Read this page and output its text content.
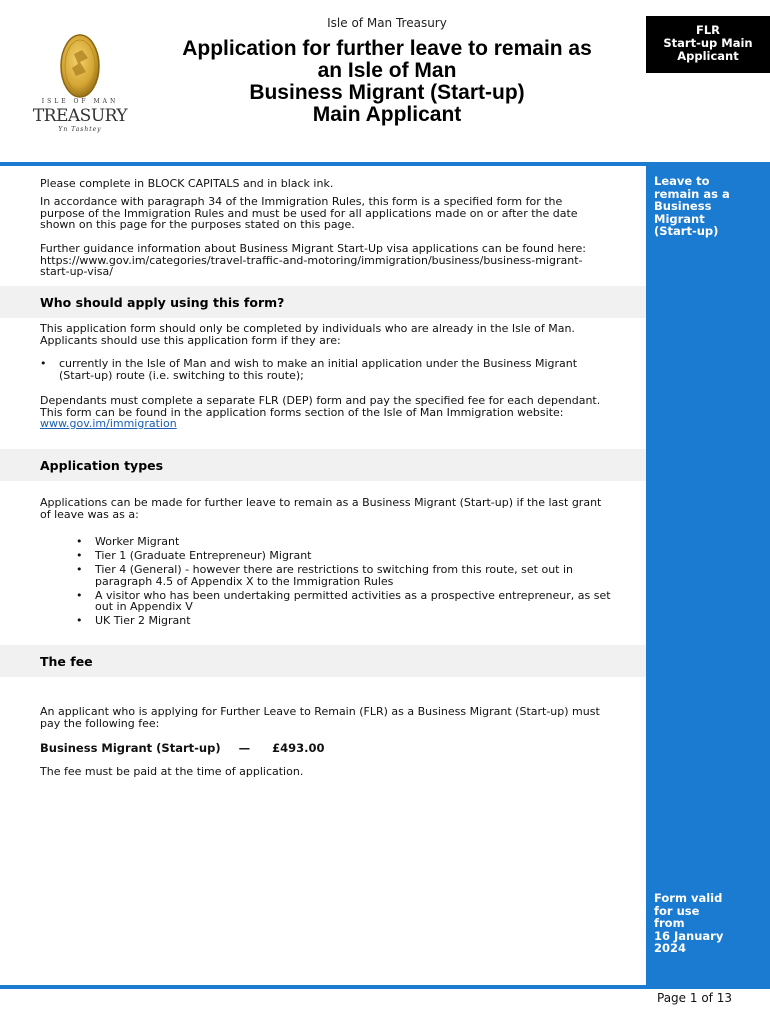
ISLE OF MAN
TREASURY
Yn Tashtey
Isle of Man Treasury
Application for further leave to remain as
an Isle of Man
Business Migrant (Start-up)
Main Applicant
FLR
Start-up Main
Applicant
Leave to
remain as a
Business
Migrant
(Start-up)
Form valid
for use
from
16 January
2024
Please complete in BLOCK CAPITALS and in black ink.
In accordance with paragraph 34 of the Immigration Rules, this form is a specified form for the
purpose of the Immigration Rules and must be used for all applications made on or after the date
shown on this page for the purposes stated on this page.
Further guidance information about Business Migrant Start-Up visa applications can be found here:
https://www.gov.im/categories/travel-traffic-and-motoring/immigration/business/business-migrant-
start-up-visa/
Who should apply using this form?
This application form should only be completed by individuals who are already in the Isle of Man.
Applicants should use this application form if they are:
• currently in the Isle of Man and wish to make an initial application under the Business Migrant
(Start-up) route (i.e. switching to this route);
Dependants must complete a separate FLR (DEP) form and pay the specified fee for each dependant.
This form can be found in the application forms section of the Isle of Man Immigration website:
www.gov.im/immigration
Application types
Applications can be made for further leave to remain as a Business Migrant (Start-up) if the last grant
of leave was as a:
• Worker Migrant
• Tier 1 (Graduate Entrepreneur) Migrant
• Tier 4 (General) - however there are restrictions to switching from this route, set out in
paragraph 4.5 of Appendix X to the Immigration Rules
• A visitor who has been undertaking permitted activities as a prospective entrepreneur, as set
out in Appendix V
• UK Tier 2 Migrant
The fee
An applicant who is applying for Further Leave to Remain (FLR) as a Business Migrant (Start-up) must
pay the following fee:
Business Migrant (Start-up) — £493.00
The fee must be paid at the time of application.
Page 1 of 13
